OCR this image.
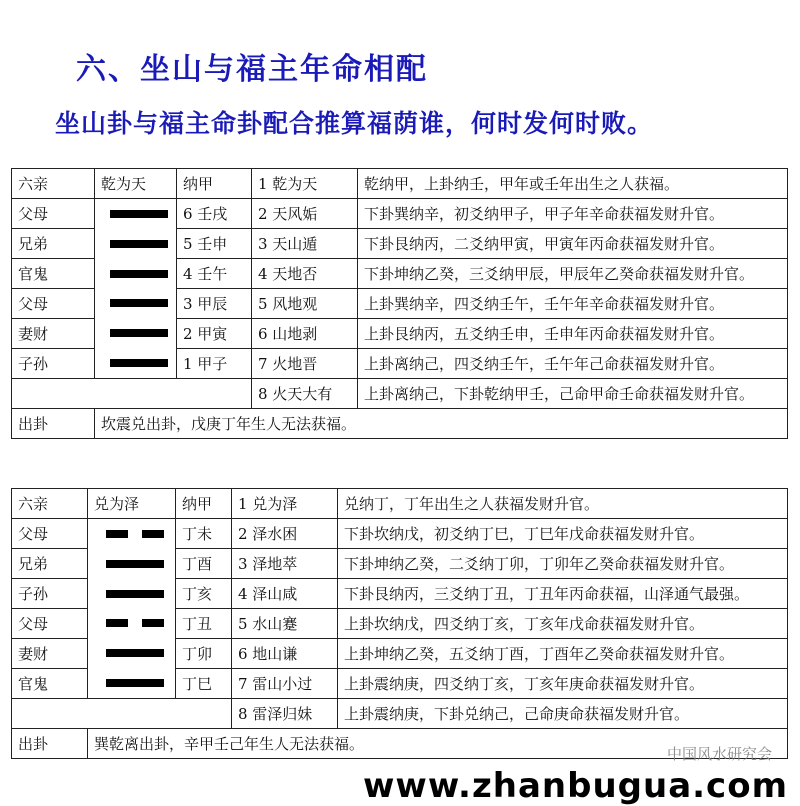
六、坐山与福主年命相配
坐山卦与福主命卦配合推算福荫谁，何时发何时败。
六亲	乾为天	纳甲	1 乾为天	乾纳甲，上卦纳壬，甲年或壬年出生之人获福。
父母		6 壬戌	2 天风姤	下卦巽纳辛，初爻纳甲子，甲子年辛命获福发财升官。
兄弟		5 壬申	3 天山遁	下卦艮纳丙，二爻纳甲寅，甲寅年丙命获福发财升官。
官鬼		4 壬午	4 天地否	下卦坤纳乙癸，三爻纳甲辰，甲辰年乙癸命获福发财升官。
父母		3 甲辰	5 风地观	上卦巽纳辛，四爻纳壬午，壬午年辛命获福发财升官。
妻财		2 甲寅	6 山地剥	上卦艮纳丙，五爻纳壬申，壬申年丙命获福发财升官。
子孙		1 甲子	7 火地晋	上卦离纳己，四爻纳壬午，壬午年己命获福发财升官。
			8 火天大有	上卦离纳己，下卦乾纳甲壬，己命甲命壬命获福发财升官。
出卦	坎震兑出卦，戊庚丁年生人无法获福。			
六亲	兑为泽	纳甲	1 兑为泽	兑纳丁，丁年出生之人获福发财升官。
父母		丁未	2 泽水困	下卦坎纳戊，初爻纳丁巳，丁巳年戊命获福发财升官。
兄弟		丁酉	3 泽地萃	下卦坤纳乙癸，二爻纳丁卯，丁卯年乙癸命获福发财升官。
子孙		丁亥	4 泽山咸	下卦艮纳丙，三爻纳丁丑，丁丑年丙命获福，山泽通气最强。
父母		丁丑	5 水山蹇	上卦坎纳戊，四爻纳丁亥，丁亥年戊命获福发财升官。
妻财		丁卯	6 地山谦	上卦坤纳乙癸，五爻纳丁酉，丁酉年乙癸命获福发财升官。
官鬼		丁巳	7 雷山小过	上卦震纳庚，四爻纳丁亥，丁亥年庚命获福发财升官。
			8 雷泽归妹	上卦震纳庚，下卦兑纳己，己命庚命获福发财升官。
出卦	巽乾离出卦，辛甲壬己年生人无法获福。			
中国风水研究会
www.zhanbugua.com
